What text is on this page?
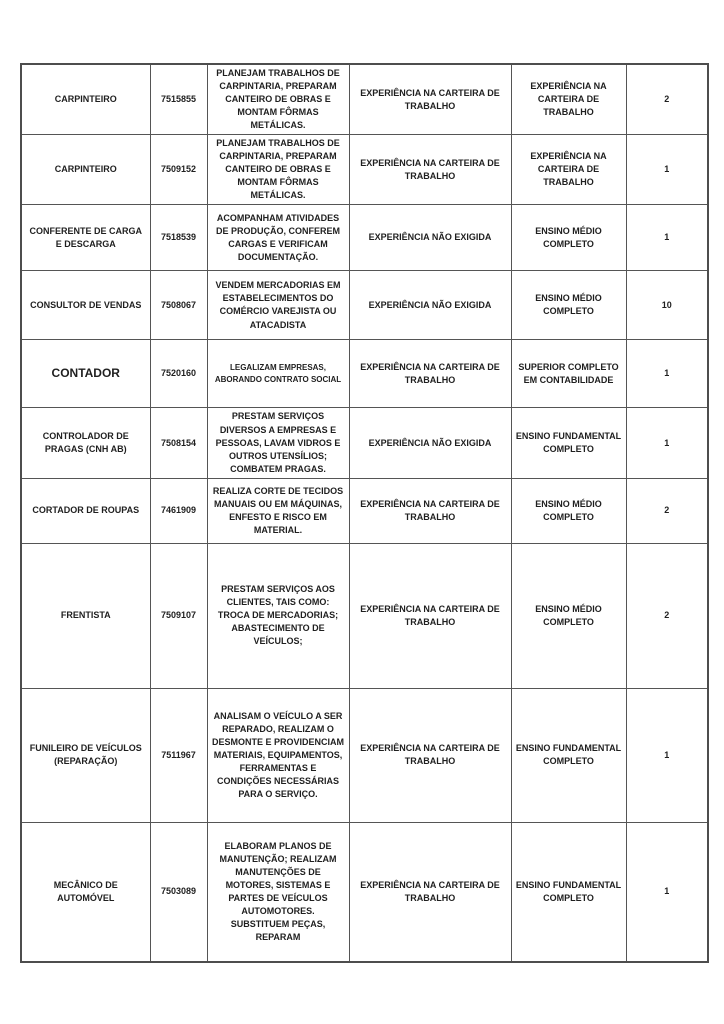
CARPINTEIRO	7515855	PLANEJAM TRABALHOS DE CARPINTARIA, PREPARAM CANTEIRO DE OBRAS E MONTAM FÔRMAS METÁLICAS.	EXPERIÊNCIA NA CARTEIRA DE TRABALHO	EXPERIÊNCIA NA CARTEIRA DE TRABALHO	2
CARPINTEIRO	7509152	PLANEJAM TRABALHOS DE CARPINTARIA, PREPARAM CANTEIRO DE OBRAS E MONTAM FÔRMAS METÁLICAS.	EXPERIÊNCIA NA CARTEIRA DE TRABALHO	EXPERIÊNCIA NA CARTEIRA DE TRABALHO	1
CONFERENTE DE CARGA E DESCARGA	7518539	ACOMPANHAM ATIVIDADES DE PRODUÇÃO, CONFEREM CARGAS E VERIFICAM DOCUMENTAÇÃO.	EXPERIÊNCIA NÃO EXIGIDA	ENSINO MÉDIO COMPLETO	1
CONSULTOR DE VENDAS	7508067	VENDEM MERCADORIAS EM ESTABELECIMENTOS DO COMÉRCIO VAREJISTA OU ATACADISTA	EXPERIÊNCIA NÃO EXIGIDA	ENSINO MÉDIO COMPLETO	10
CONTADOR	7520160	LEGALIZAM EMPRESAS, ABORANDO CONTRATO SOCIAL	EXPERIÊNCIA NA CARTEIRA DE TRABALHO	SUPERIOR COMPLETO EM CONTABILIDADE	1
CONTROLADOR DE PRAGAS (CNH AB)	7508154	PRESTAM SERVIÇOS DIVERSOS A EMPRESAS E PESSOAS, LAVAM VIDROS E OUTROS UTENSÍLIOS; COMBATEM PRAGAS.	EXPERIÊNCIA NÃO EXIGIDA	ENSINO FUNDAMENTAL COMPLETO	1
CORTADOR DE ROUPAS	7461909	REALIZA CORTE DE TECIDOS MANUAIS OU EM MÁQUINAS, ENFESTO E RISCO EM MATERIAL.	EXPERIÊNCIA NA CARTEIRA DE TRABALHO	ENSINO MÉDIO COMPLETO	2
FRENTISTA	7509107	PRESTAM SERVIÇOS AOS CLIENTES, TAIS COMO: TROCA DE MERCADORIAS; ABASTECIMENTO DE VEÍCULOS;	EXPERIÊNCIA NA CARTEIRA DE TRABALHO	ENSINO MÉDIO COMPLETO	2
FUNILEIRO DE VEÍCULOS (REPARAÇÃO)	7511967	ANALISAM O VEÍCULO A SER REPARADO, REALIZAM O DESMONTE E PROVIDENCIAM MATERIAIS, EQUIPAMENTOS, FERRAMENTAS E CONDIÇÕES NECESSÁRIAS PARA O SERVIÇO.	EXPERIÊNCIA NA CARTEIRA DE TRABALHO	ENSINO FUNDAMENTAL COMPLETO	1
MECÂNICO DE AUTOMÓVEL	7503089	ELABORAM PLANOS DE MANUTENÇÃO; REALIZAM MANUTENÇÕES DE MOTORES, SISTEMAS E PARTES DE VEÍCULOS AUTOMOTORES. SUBSTITUEM PEÇAS, REPARAM	EXPERIÊNCIA NA CARTEIRA DE TRABALHO	ENSINO FUNDAMENTAL COMPLETO	1
